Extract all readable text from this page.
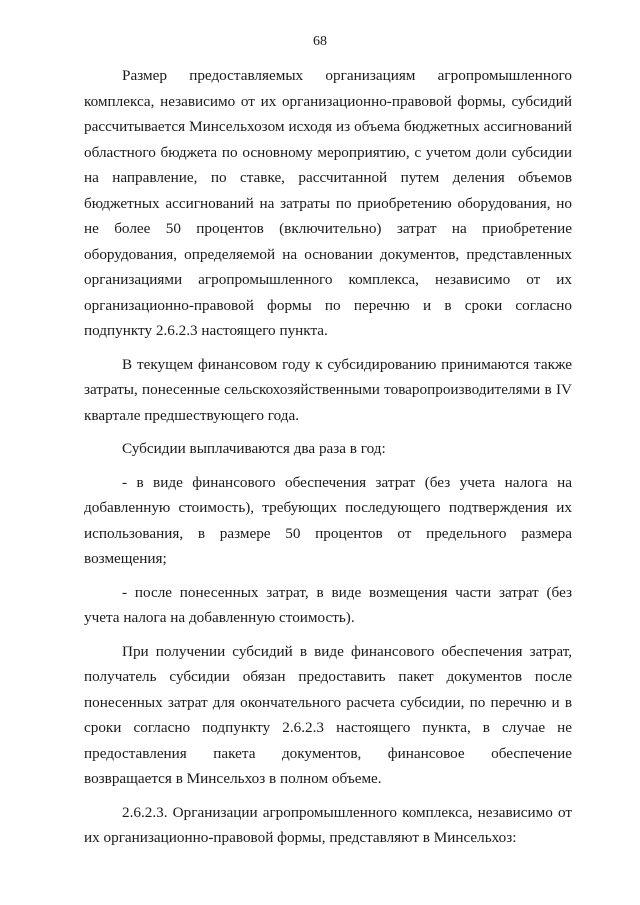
68

Размер предоставляемых организациям агропромышленного комплекса, независимо от их организационно-правовой формы, субсидий рассчитывается Минсельхозом исходя из объема бюджетных ассигнований областного бюджета по основному мероприятию, с учетом доли субсидии на направление, по ставке, рассчитанной путем деления объемов бюджетных ассигнований на затраты по приобретению оборудования, но не более 50 процентов (включительно) затрат на приобретение оборудования, определяемой на основании документов, представленных организациями агропромышленного комплекса, независимо от их организационно-правовой формы по перечню и в сроки согласно подпункту 2.6.2.3 настоящего пункта.

В текущем финансовом году к субсидированию принимаются также затраты, понесенные сельскохозяйственными товаропроизводителями в IV квартале предшествующего года.

Субсидии выплачиваются два раза в год:

- в виде финансового обеспечения затрат (без учета налога на добавленную стоимость), требующих последующего подтверждения их использования, в размере 50 процентов от предельного размера возмещения;

- после понесенных затрат, в виде возмещения части затрат (без учета налога на добавленную стоимость).

При получении субсидий в виде финансового обеспечения затрат, получатель субсидии обязан предоставить пакет документов после понесенных затрат для окончательного расчета субсидии, по перечню и в сроки согласно подпункту 2.6.2.3 настоящего пункта, в случае не предоставления пакета документов, финансовое обеспечение возвращается в Минсельхоз в полном объеме.

2.6.2.3. Организации агропромышленного комплекса, независимо от их организационно-правовой формы, представляют в Минсельхоз:
